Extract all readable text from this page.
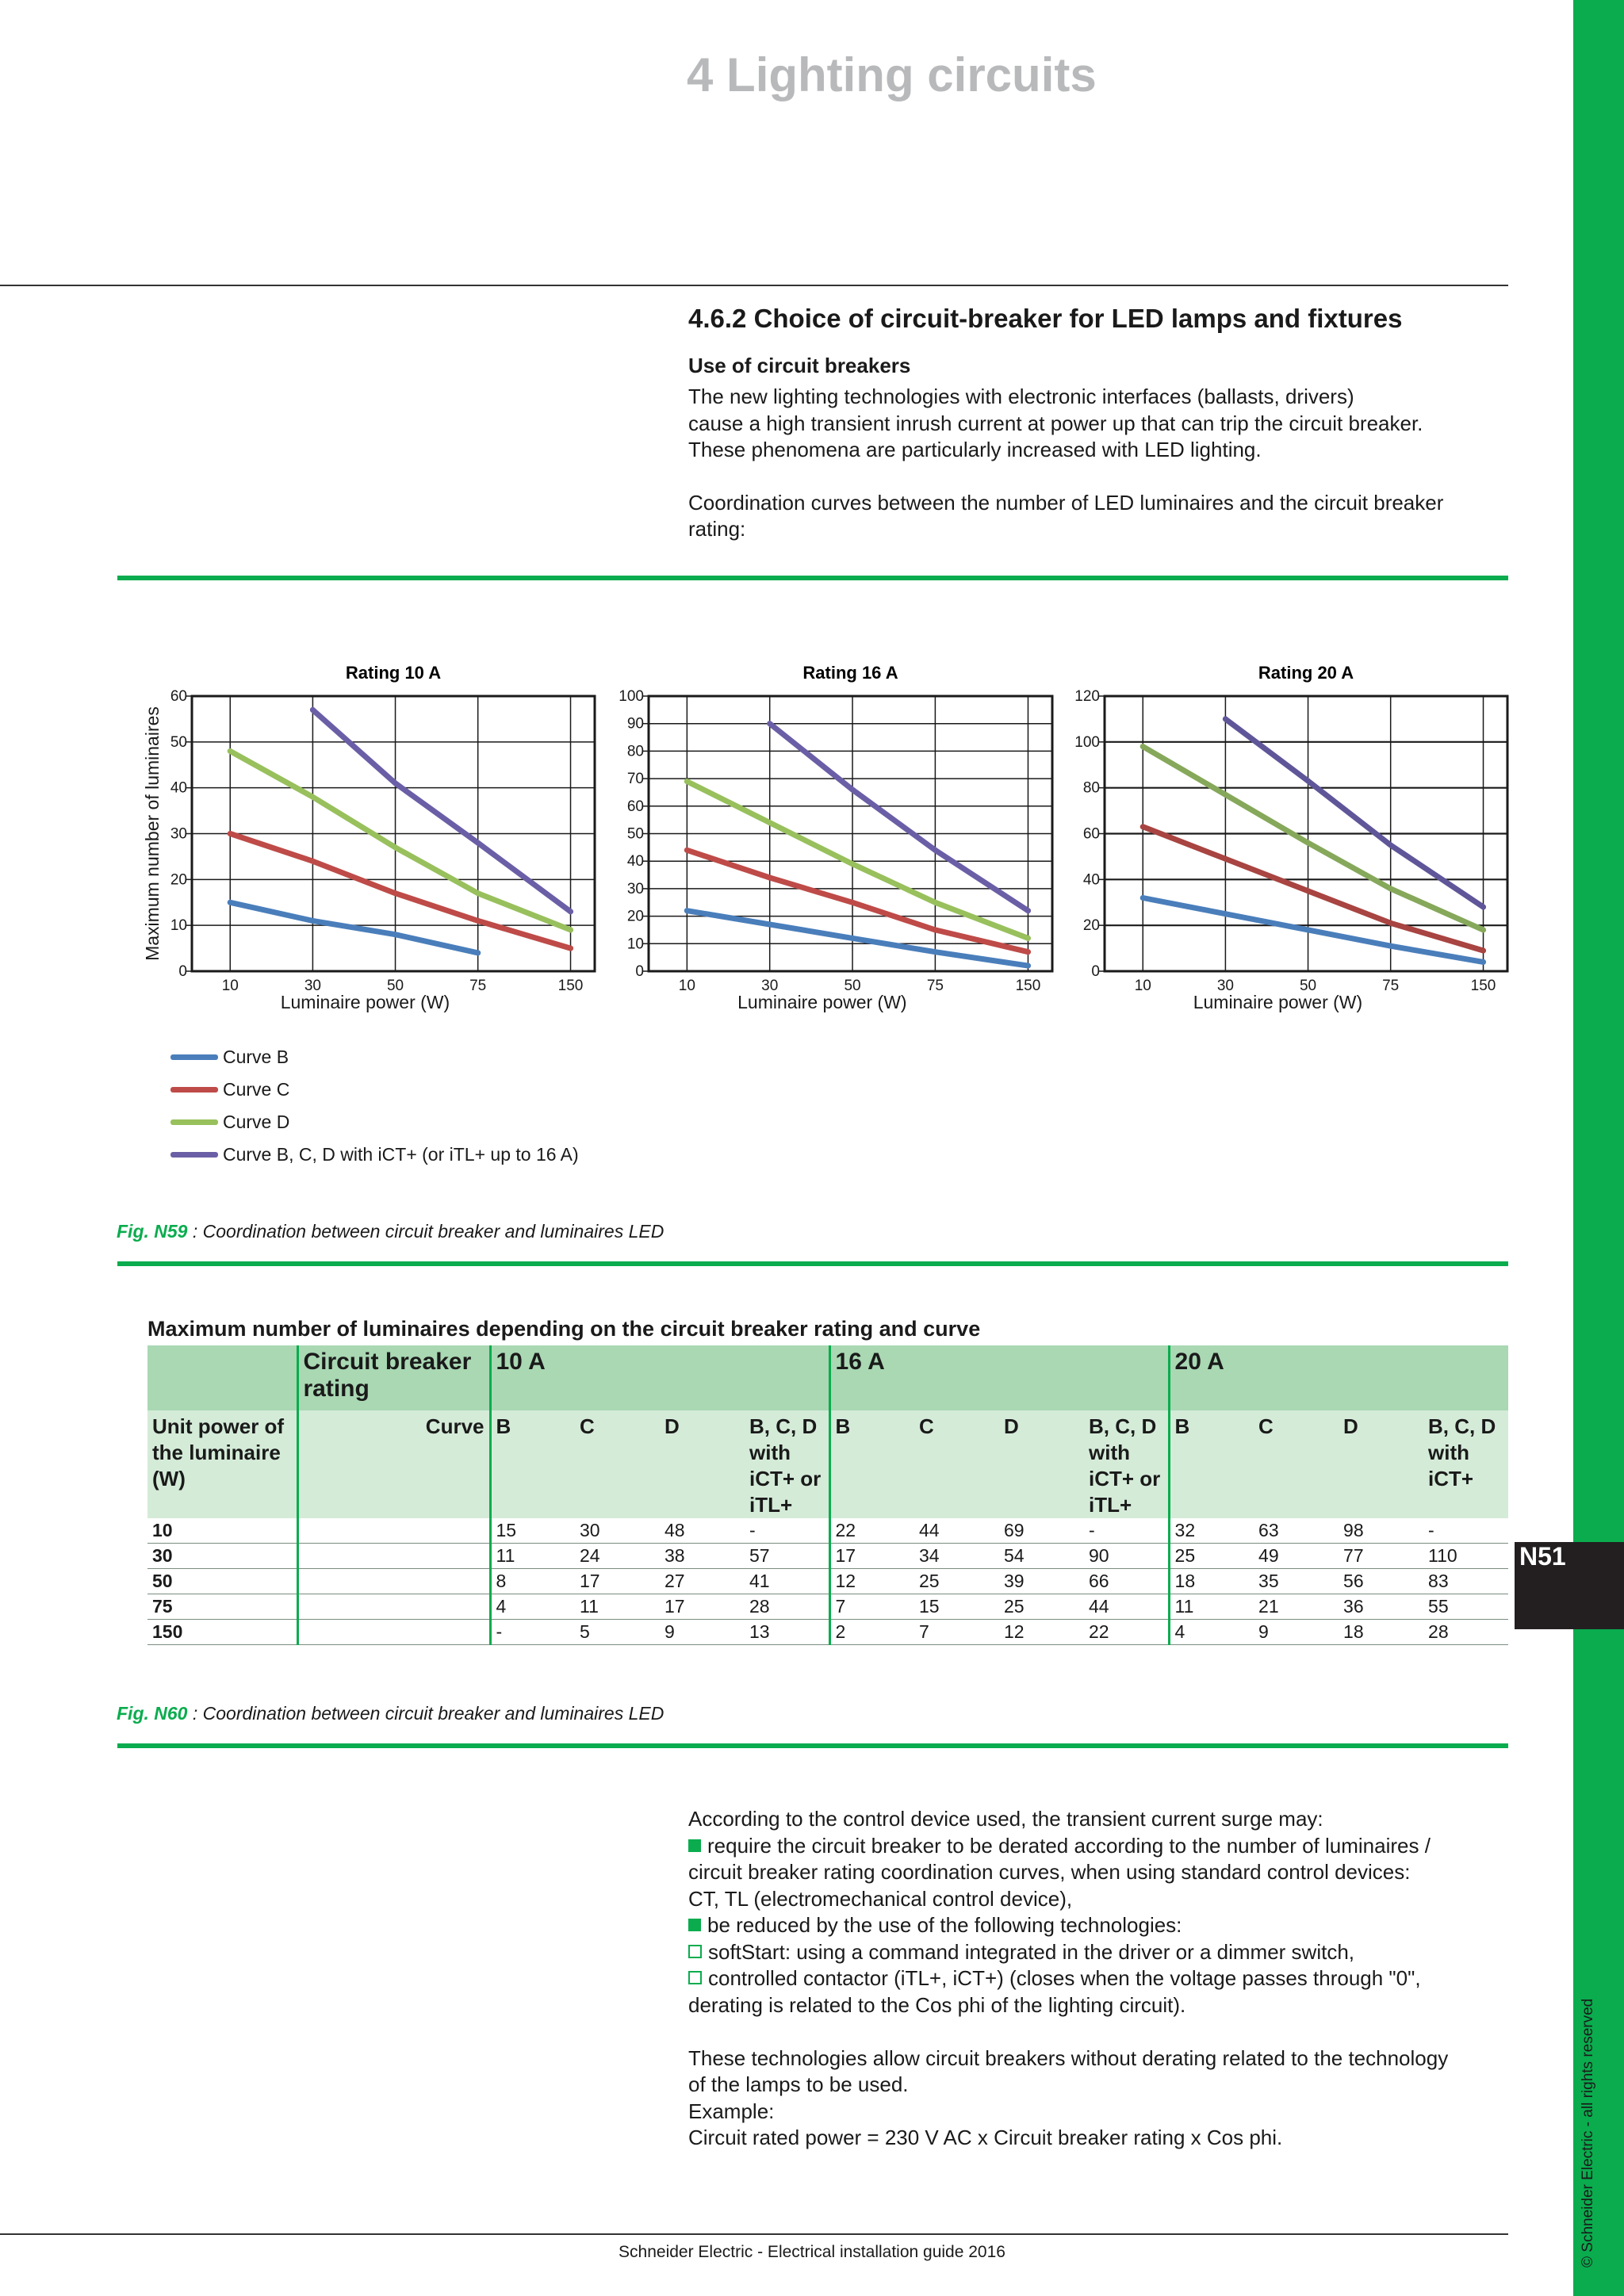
N51
© Schneider Electric - all rights reserved
4 Lighting circuits
4.6.2 Choice of circuit-breaker for LED lamps and fixtures
Use of circuit breakers

The new lighting technologies with electronic interfaces (ballasts, drivers)
cause a high transient inrush current at power up that can trip the circuit breaker.
These phenomena are particularly increased with LED lighting.

Coordination curves between the number of LED luminaires and the circuit breaker
rating:

Rating 10 A
0
10
20
30
40
50
60
10	30	50	75	150
Luminaire power (W)
Maximum number of luminaires
Rating 16 A
0
10
20
30
40
50
60
70
80
90
100
10	30	50	75	150
Luminaire power (W)
Rating 20 A
0
20
40
60
80
100
120
10	30	50	75	150
Luminaire power (W)
Curve B
Curve C
Curve D
Curve B, C, D with iCT+ (or iTL+ up to 16 A)
Fig. N59 : Coordination between circuit breaker and luminaires LED
Maximum number of luminaires depending on the circuit breaker rating and curve
	Circuit breaker rating	10 A				16 A				20 A			
Unit power of the luminaire (W)	Curve	B	C	D	B, C, D with iCT+ or iTL+	B	C	D	B, C, D with iCT+ or iTL+	B	C	D	B, C, D with iCT+
10		15	30	48	-	22	44	69	-	32	63	98	-
30		11	24	38	57	17	34	54	90	25	49	77	110
50		8	17	27	41	12	25	39	66	18	35	56	83
75		4	11	17	28	7	15	25	44	11	21	36	55
150		-	5	9	13	2	7	12	22	4	9	18	28
Fig. N60 : Coordination between circuit breaker and luminaires LED
According to the control device used, the transient current surge may:
require the circuit breaker to be derated according to the number of luminaires /
circuit breaker rating coordination curves, when using standard control devices:
CT, TL (electromechanical control device),
be reduced by the use of the following technologies:
softStart: using a command integrated in the driver or a dimmer switch,
controlled contactor (iTL+, iCT+) (closes when the voltage passes through "0",
derating is related to the Cos phi of the lighting circuit).
These technologies allow circuit breakers without derating related to the technology
of the lamps to be used.
Example:
Circuit rated power = 230 V AC x Circuit breaker rating x Cos phi.
Schneider Electric - Electrical installation guide 2016
